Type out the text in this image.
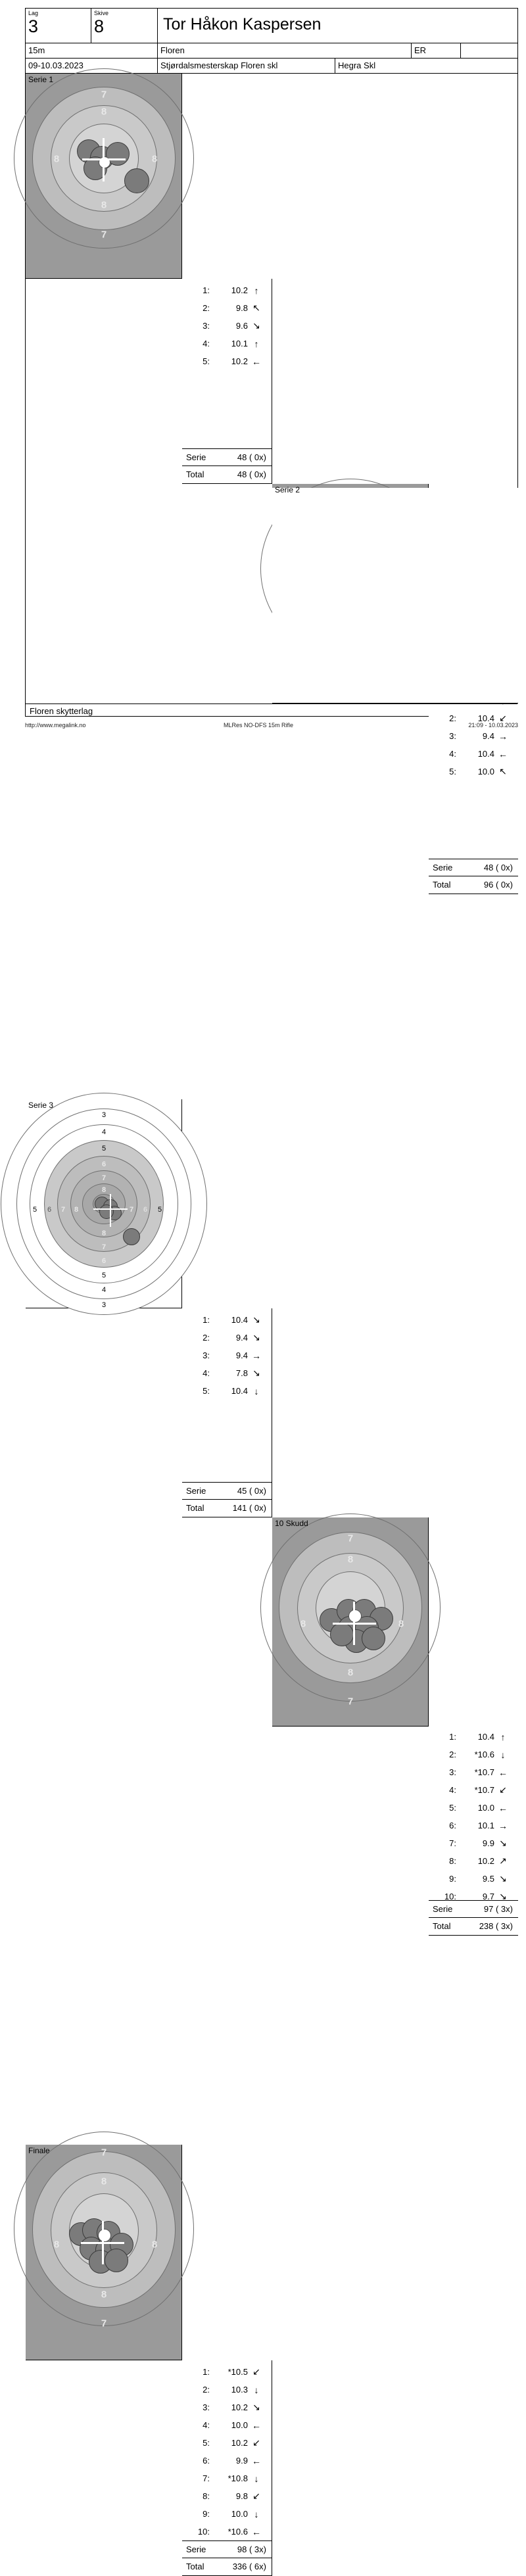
Lag
3
Skive
8	Tor Håkon Kaspersen
15m	Floren	ER
09-10.03.2023	Stjørdalsmesterskap Floren skl	Hegra Skl
Serie 1
7
8
8
7
8	8
1:	10.2 ↑
2:	9.8 ↖
3:	9.6 ↘
4:	10.1 ↑
5:	10.2 ←
Serie	48 ( 0x)
Total	48 ( 0x)
Serie 2
2:	10.4 ↙
3:	9.4 →
4:	10.4 ←
5:	10.0 ↖
Serie	48 ( 0x)
Total	96 ( 0x)
Serie 3
3
4
5
6
7
8
8
7
6
5
4
3
5 6 7 8	7 6 5
1:	10.4 ↘
2:	9.4 ↘
3:	9.4 →
4:	7.8 ↘
5:	10.4 ↓
Serie	45 ( 0x)
Total	141 ( 0x)
10 Skudd
7
8
8
7
8	8
1:	10.4 ↑
2:	*10.6 ↓
3:	*10.7 ←
4:	*10.7 ↙
5:	10.0 ←
6:	10.1 →
7:	9.9 ↘
8:	10.2 ↗
9:	9.5 ↘
10:	9.7 ↘
Serie	97 ( 3x)
Total	238 ( 3x)
Finale	7
8
8
7
8	8
1:	*10.5 ↙
2:	10.3 ↓
3:	10.2 ↘
4:	10.0 ←
5:	10.2 ↙
6:	9.9 ←
7:	*10.8 ↓
8:	9.8 ↙
9:	10.0 ↓
10:	*10.6 ←
Serie	98 ( 3x)
Total	336 ( 6x)
Floren skytterlag
http://www.megalink.no	MLRes NO-DFS 15m Rifle	21:09 - 10.03.2023
